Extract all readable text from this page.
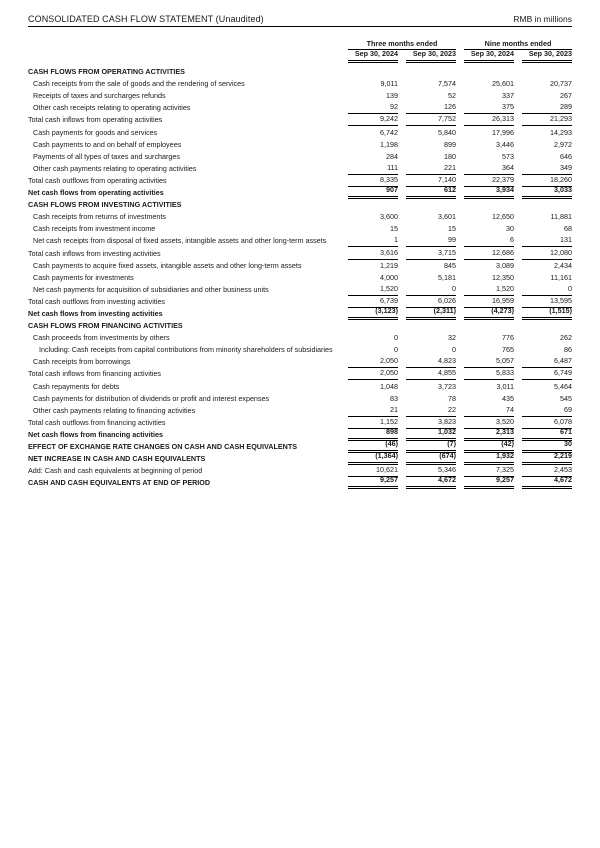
CONSOLIDATED CASH FLOW STATEMENT (Unaudited)	RMB in millions
Three months ended	Nine months ended
Sep 30, 2024	Sep 30, 2023	Sep 30, 2024	Sep 30, 2023
CASH FLOWS FROM OPERATING ACTIVITIES
Cash receipts from the sale of goods and the rendering of services	9,011	7,574	25,601	20,737
Receipts of taxes and surcharges refunds	139	52	337	267
Other cash receipts relating to operating activities	92	126	375	289
Total cash inflows from operating activities	9,242	7,752	26,313	21,293
Cash payments for goods and services	6,742	5,840	17,996	14,293
Cash payments to and on behalf of employees	1,198	899	3,446	2,972
Payments of all types of taxes and surcharges	284	180	573	646
Other cash payments relating to operating activities	111	221	364	349
Total cash outflows from operating activities	8,335	7,140	22,379	18,260
Net cash flows from operating activities	907	612	3,934	3,033
CASH FLOWS FROM INVESTING ACTIVITIES
Cash receipts from returns of investments	3,600	3,601	12,650	11,881
Cash receipts from investment income	15	15	30	68
Net cash receipts from disposal of fixed assets, intangible assets and other long-term assets	1	99	6	131
Total cash inflows from investing activities	3,616	3,715	12,686	12,080
Cash payments to acquire fixed assets, intangible assets and other long-term assets	1,219	845	3,089	2,434
Cash payments for investments	4,000	5,181	12,350	11,161
Net cash payments for acquisition of subsidiaries and other business units	1,520	0	1,520	0
Total cash outflows from investing activities	6,739	6,026	16,959	13,595
Net cash flows from investing activities	(3,123)	(2,311)	(4,273)	(1,515)
CASH FLOWS FROM FINANCING ACTIVITIES
Cash proceeds from investments by others	0	32	776	262
Including: Cash receipts from capital contributions from minority shareholders of subsidiaries	0	0	765	86
Cash receipts from borrowings	2,050	4,823	5,057	6,487
Total cash inflows from financing activities	2,050	4,855	5,833	6,749
Cash repayments for debts	1,048	3,723	3,011	5,464
Cash payments for distribution of dividends or profit and interest expenses	83	78	435	545
Other cash payments relating to financing activities	21	22	74	69
Total cash outflows from financing activities	1,152	3,823	3,520	6,078
Net cash flows from financing activities	898	1,032	2,313	671
EFFECT OF EXCHANGE RATE CHANGES ON CASH AND CASH EQUIVALENTS	(46)	(7)	(42)	30
NET INCREASE IN CASH AND CASH EQUIVALENTS	(1,364)	(674)	1,932	2,219
Add: Cash and cash equivalents at beginning of period	10,621	5,346	7,325	2,453
CASH AND CASH EQUIVALENTS AT END OF PERIOD	9,257	4,672	9,257	4,672
